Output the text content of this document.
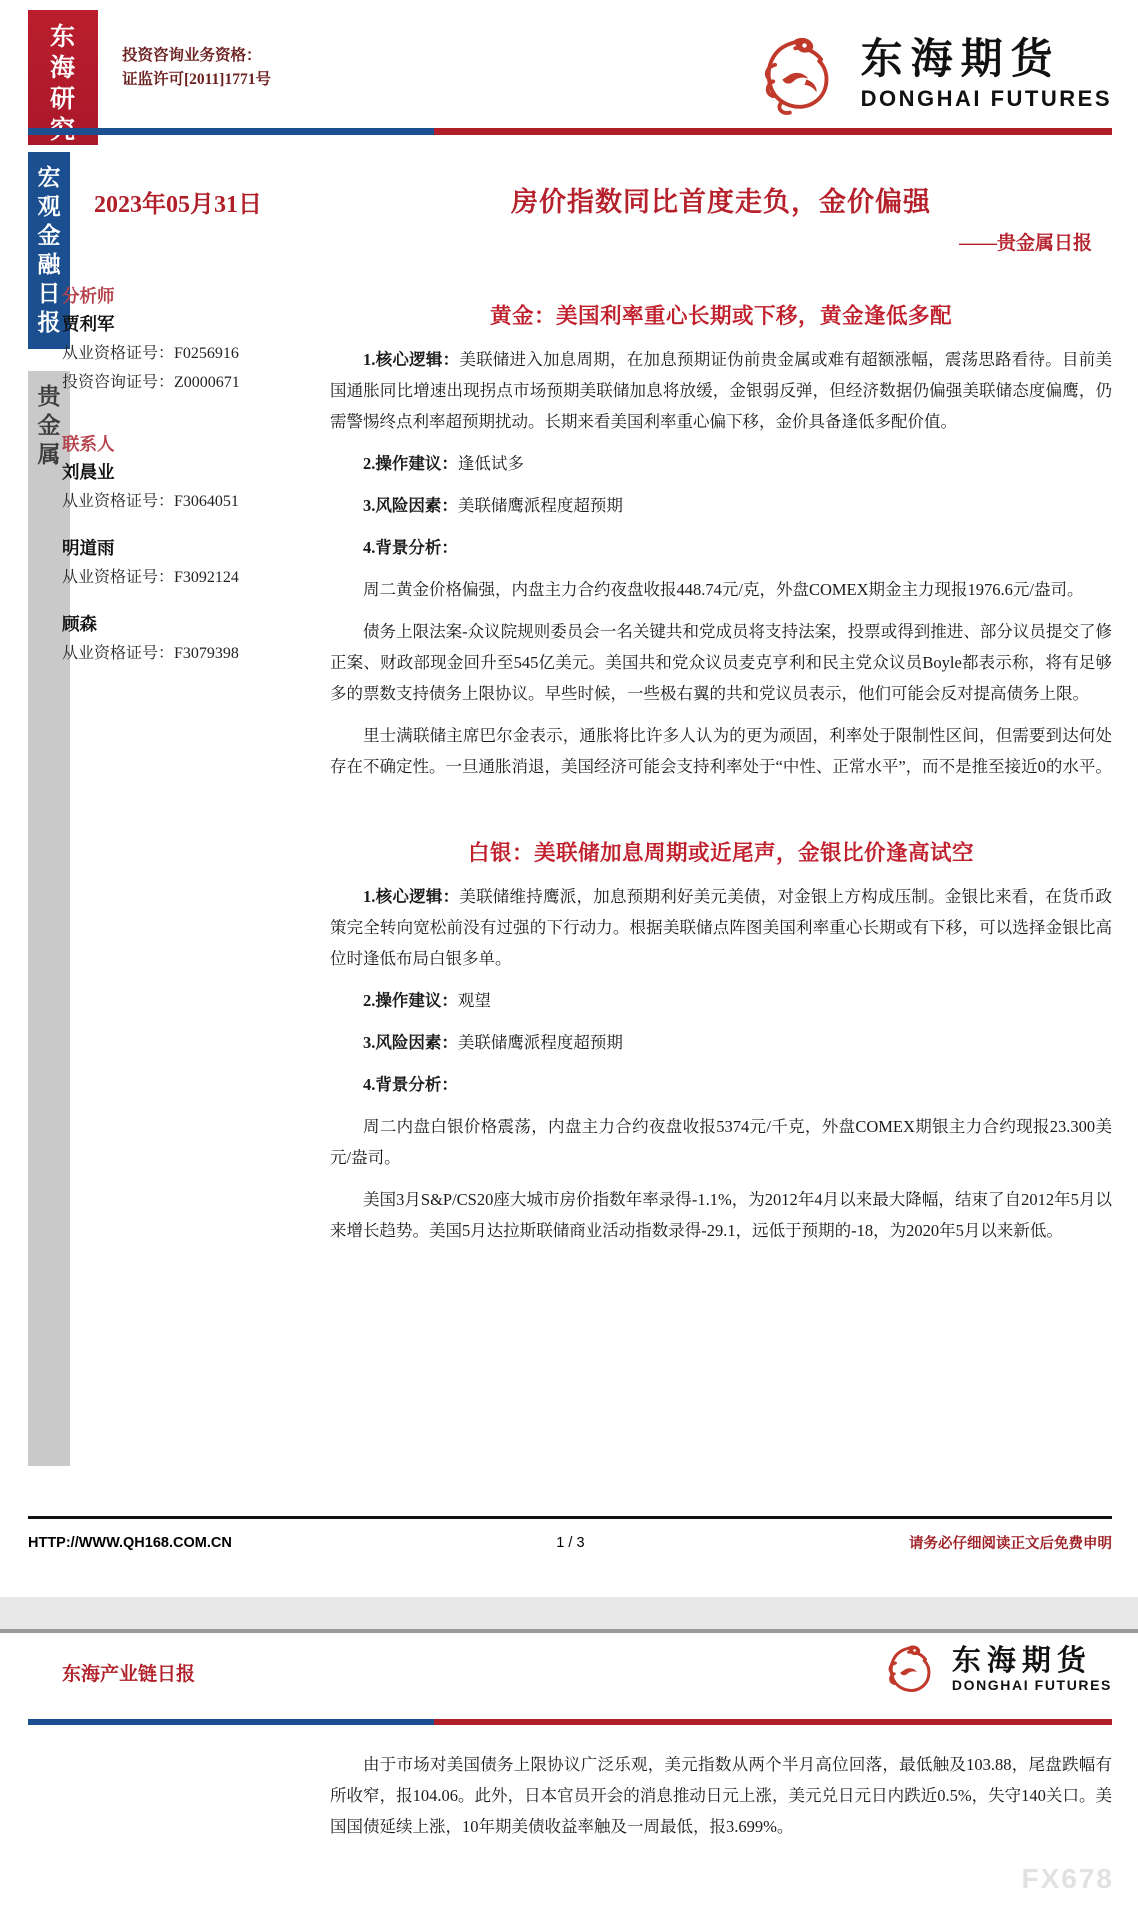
东
海
研
投资咨询业务资格：
证监许可[2011]1771号	东海期货
DONGHAI FUTURES
宏
观
金
融
日
报
贵
金
属
分析师
贾利军
从业资格证号：F0256916
投资咨询证号：Z0000671
联系人
刘晨业
从业资格证号：F3064051
明道雨
从业资格证号：F3092124
顾森
从业资格证号：F3079398
2023年05月31日	房价指数同比首度走负，金价偏强
——贵金属日报
黄金：美国利率重心长期或下移，黄金逢低多配

1.核心逻辑：美联储进入加息周期，在加息预期证伪前贵金属或难有超额涨幅，震荡思路看待。目前美国通胀同比增速出现拐点市场预期美联储加息将放缓，金银弱反弹，但经济数据仍偏强美联储态度偏鹰，仍需警惕终点利率超预期扰动。长期来看美国利率重心偏下移，金价具备逢低多配价值。

2.操作建议：逢低试多

3.风险因素：美联储鹰派程度超预期

4.背景分析：

周二黄金价格偏强，内盘主力合约夜盘收报448.74元/克，外盘COMEX期金主力现报1976.6元/盎司。

债务上限法案-众议院规则委员会一名关键共和党成员将支持法案，投票或得到推进、部分议员提交了修正案、财政部现金回升至545亿美元。美国共和党众议员麦克亨利和民主党众议员Boyle都表示称，将有足够多的票数支持债务上限协议。早些时候，一些极右翼的共和党议员表示，他们可能会反对提高债务上限。

里士满联储主席巴尔金表示，通胀将比许多人认为的更为顽固，利率处于限制性区间，但需要到达何处存在不确定性。一旦通胀消退，美国经济可能会支持利率处于“中性、正常水平”，而不是推至接近0的水平。

白银：美联储加息周期或近尾声，金银比价逢高试空

1.核心逻辑：美联储维持鹰派，加息预期利好美元美债，对金银上方构成压制。金银比来看，在货币政策完全转向宽松前没有过强的下行动力。根据美联储点阵图美国利率重心长期或有下移，可以选择金银比高位时逢低布局白银多单。

2.操作建议：观望

3.风险因素：美联储鹰派程度超预期

4.背景分析：

周二内盘白银价格震荡，内盘主力合约夜盘收报5374元/千克，外盘COMEX期银主力合约现报23.300美元/盎司。

美国3月S&P/CS20座大城市房价指数年率录得-1.1%，为2012年4月以来最大降幅，结束了自2012年5月以来增长趋势。美国5月达拉斯联储商业活动指数录得-29.1，远低于预期的-18，为2020年5月以来新低。

HTTP://WWW.QH168.COM.CN	1 / 3	请务必仔细阅读正文后免费申明
东海产业链日报	东海期货
DONGHAI FUTURES

由于市场对美国债务上限协议广泛乐观，美元指数从两个半月高位回落，最低触及103.88，尾盘跌幅有所收窄，报104.06。此外，日本官员开会的消息推动日元上涨，美元兑日元日内跌近0.5%，失守140关口。美国国债延续上涨，10年期美债收益率触及一周最低，报3.699%。

FX678
